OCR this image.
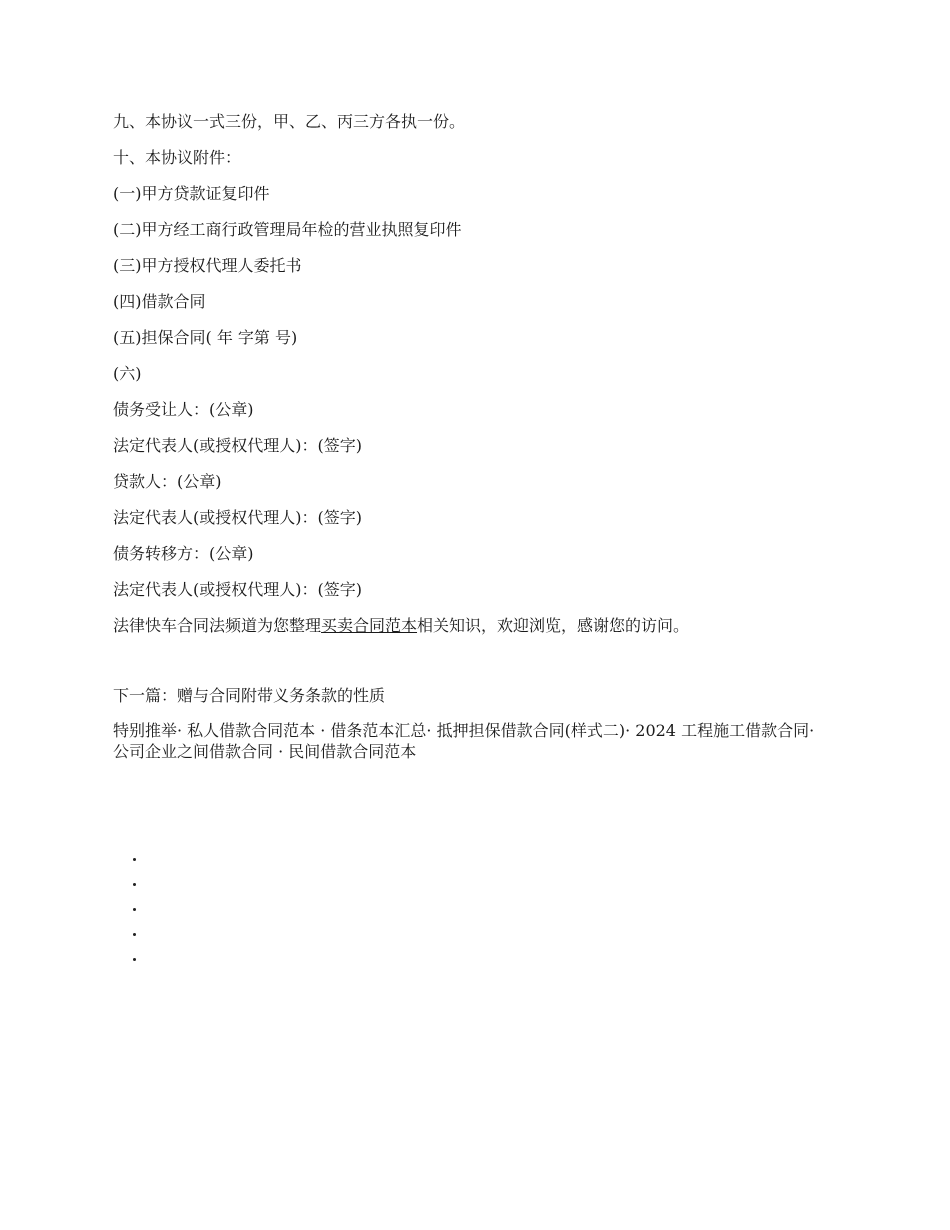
九、本协议一式三份，甲、乙、丙三方各执一份。

十、本协议附件：

(一)甲方贷款证复印件

(二)甲方经工商行政管理局年检的营业执照复印件

(三)甲方授权代理人委托书

(四)借款合同

(五)担保合同( 年 字第 号)

(六)

债务受让人：(公章)

法定代表人(或授权代理人)：(签字)

贷款人：(公章)

法定代表人(或授权代理人)：(签字)

债务转移方：(公章)

法定代表人(或授权代理人)：(签字)

法律快车合同法频道为您整理买卖合同范本相关知识，欢迎浏览，感谢您的访问。

下一篇：赠与合同附带义务条款的性质

特别推举· 私人借款合同范本 · 借条范本汇总· 抵押担保借款合同(样式二)· 2024 工程施工借款合同· 公司企业之间借款合同 · 民间借款合同范本
